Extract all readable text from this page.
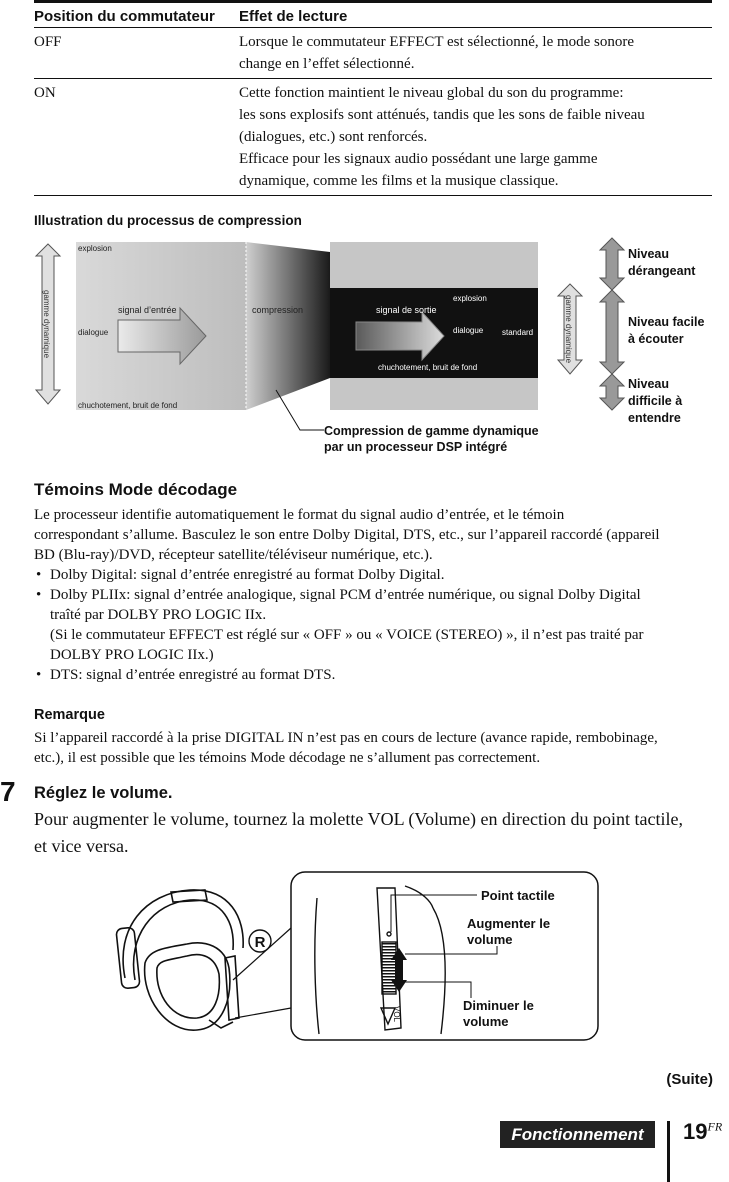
Position du commutateur	Effet de lecture
OFF	Lorsque le commutateur EFFECT est sélectionné, le mode sonore
change en l’effet sélectionné.

ON	Cette fonction maintient le niveau global du son du programme:
les sons explosifs sont atténués, tandis que les sons de faible niveau
(dialogues, etc.) sont renforcés.
Efficace pour les signaux audio possédant une large gamme
dynamique, comme les films et la musique classique.
Illustration du processus de compression
gamme dynamique
explosion
signal d’entrée
dialogue
chuchotement, bruit de fond
compression	signal de sortie
explosion
dialogue standard
chuchotement, bruit de fond
gamme dynamique
Niveau dérangeant
Niveau facile à écouter
Niveau difficile à entendre
Compression de gamme dynamique par un processeur DSP intégré
Témoins Mode décodage
Le processeur identifie automatiquement le format du signal audio d’entrée, et le témoin
correspondant s’allume. Basculez le son entre Dolby Digital, DTS, etc., sur l’appareil raccordé (appareil
BD (Blu-ray)/DVD, récepteur satellite/téléviseur numérique, etc.).
• Dolby Digital: signal d’entrée enregistré au format Dolby Digital.
• Dolby PLIIx: signal d’entrée analogique, signal PCM d’entrée numérique, ou signal Dolby Digital
traîté par DOLBY PRO LOGIC IIx.
(Si le commutateur EFFECT est réglé sur « OFF » ou « VOICE (STEREO) », il n’est pas traité par
DOLBY PRO LOGIC IIx.)
• DTS: signal d’entrée enregistré au format DTS.
Remarque
Si l’appareil raccordé à la prise DIGITAL IN n’est pas en cours de lecture (avance rapide, rembobinage,
etc.), il est possible que les témoins Mode décodage ne s’allument pas correctement.
7 Réglez le volume.
Pour augmenter le volume, tournez la molette VOL (Volume) en direction du point tactile,
et vice versa.
R
VOL
Point tactile
Augmenter le volume
Diminuer le volume
(Suite)
Fonctionnement	$19^{FR}$
